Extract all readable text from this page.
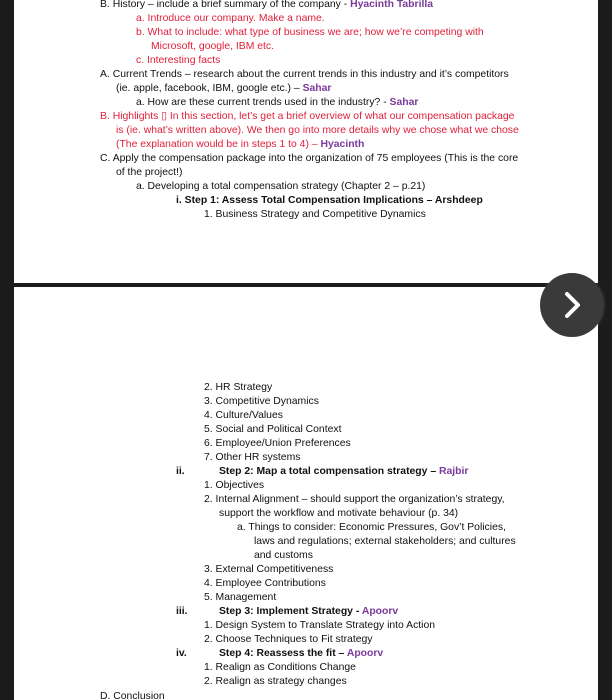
B. History – include a brief summary of the company - Hyacinth Tabrilla
a. Introduce our company. Make a name.
b. What to include: what type of business we are; how we’re competing with
Microsoft, google, IBM etc.
c. Interesting facts
A. Current Trends – research about the current trends in this industry and it’s competitors
(ie. apple, facebook, IBM, google etc.) – Sahar
a. How are these current trends used in the industry? - Sahar
B. Highlights ▯ In this section, let’s get a brief overview of what our compensation package
is (ie. what’s written above). We then go into more details why we chose what we chose
(The explanation would be in steps 1 to 4) – Hyacinth
C. Apply the compensation package into the organization of 75 employees (This is the core
of the project!)
a. Developing a total compensation strategy (Chapter 2 – p.21)
i. Step 1: Assess Total Compensation Implications – Arshdeep
1. Business Strategy and Competitive Dynamics
2. HR Strategy
3. Competitive Dynamics
4. Culture/Values
5. Social and Political Context
6. Employee/Union Preferences
7. Other HR systems
ii.	Step 2: Map a total compensation strategy – Rajbir
1. Objectives
2. Internal Alignment – should support the organization’s strategy,
support the workflow and motivate behaviour (p. 34)
a. Things to consider: Economic Pressures, Gov’t Policies,
laws and regulations; external stakeholders; and cultures
and customs
3. External Competitiveness
4. Employee Contributions
5. Management
iii.	Step 3: Implement Strategy - Apoorv
1. Design System to Translate Strategy into Action
2. Choose Techniques to Fit strategy
iv.	Step 4: Reassess the fit – Apoorv
1. Realign as Conditions Change
2. Realign as strategy changes
D. Conclusion
